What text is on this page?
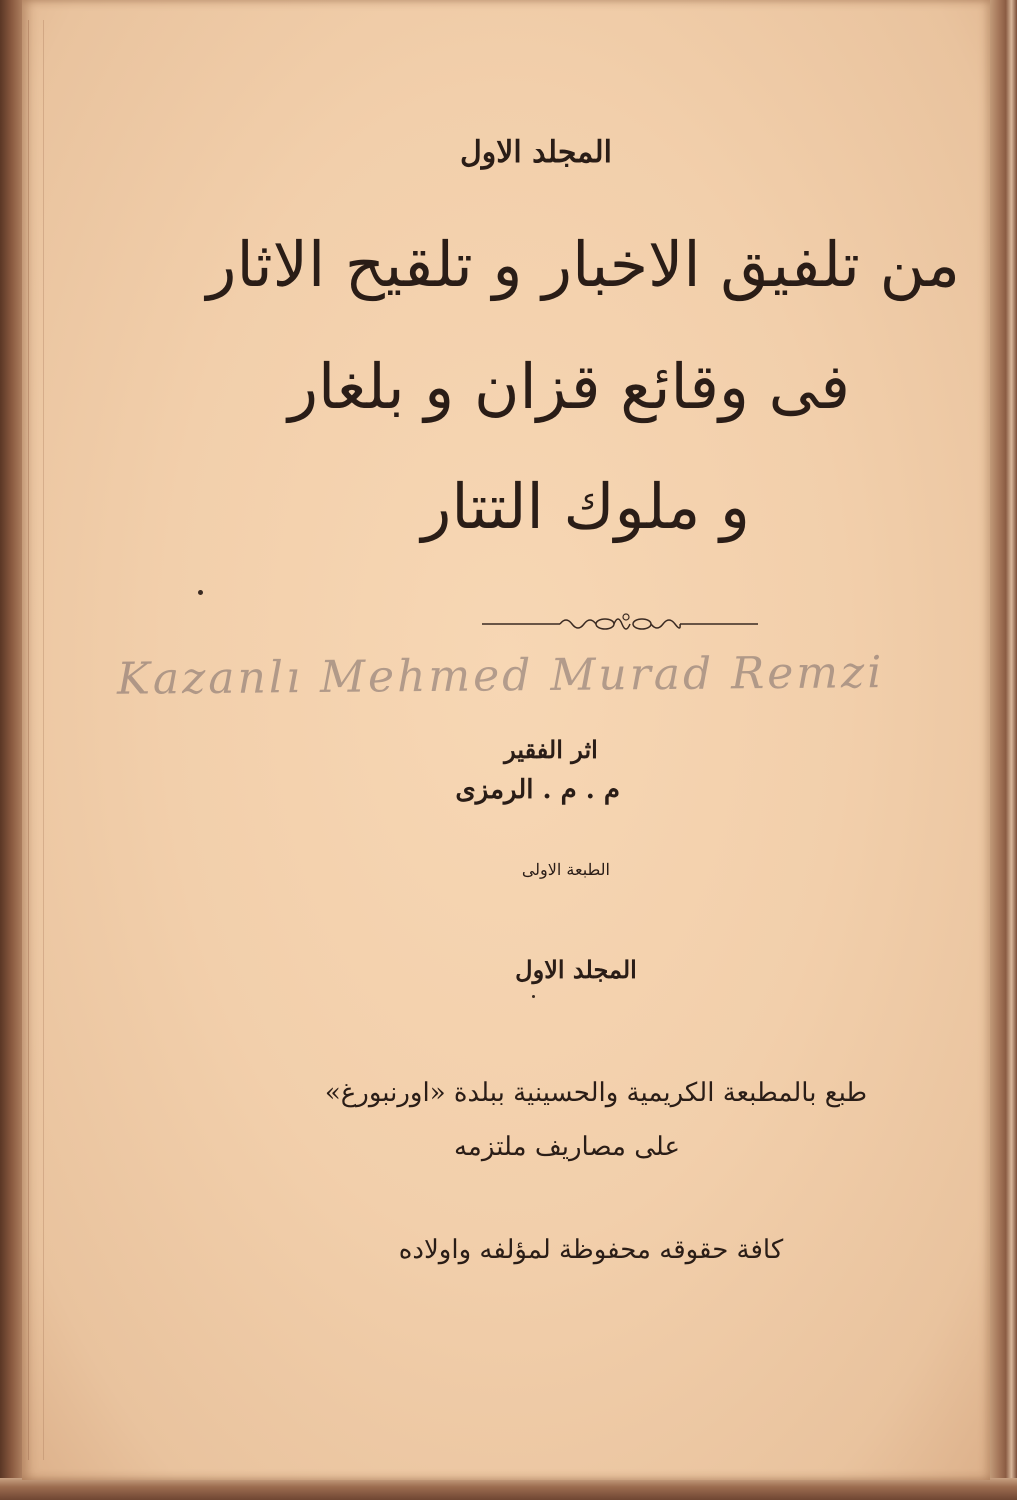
المجلد الاول
من تلفيق الاخبار و تلقيح الاثار
فى وقائع قزان و بلغار
و ملوك التتار
Kazanlı Mehmed Murad Remzi
اثر الفقير
م . م . الرمزى
الطبعة الاولى
المجلد الاول
طبع بالمطبعة الكريمية والحسينية ببلدة «اورنبورغ»
على مصاريف ملتزمه
كافة حقوقه محفوظة لمؤلفه واولاده
